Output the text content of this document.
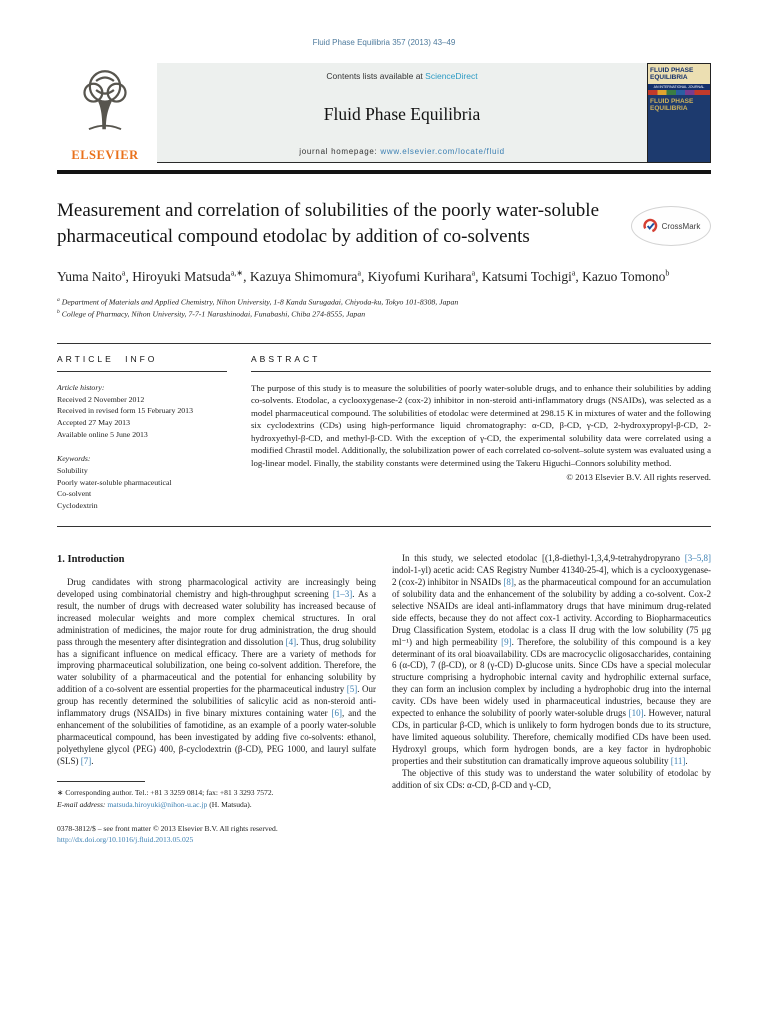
Fluid Phase Equilibria 357 (2013) 43–49
ELSEVIER
Contents lists available at ScienceDirect
Fluid Phase Equilibria
journal homepage: www.elsevier.com/locate/fluid
FLUID PHASE
EQUILIBRIA
AN INTERNATIONAL JOURNAL
FLUID PHASE
EQUILIBRIA
Measurement and correlation of solubilities of the poorly water-soluble pharmaceutical compound etodolac by addition of co-solvents	CrossMark
Yuma Naito$^a$, Hiroyuki Matsuda$^{a,∗}$, Kazuya Shimomura$^a$, Kiyofumi Kurihara$^a$, Katsumi Tochigi$^a$, Kazuo Tomono$^b$
$^a$ Department of Materials and Applied Chemistry, Nihon University, 1-8 Kanda Surugadai, Chiyoda-ku, Tokyo 101-8308, Japan
$^b$ College of Pharmacy, Nihon University, 7-7-1 Narashinodai, Funabashi, Chiba 274-8555, Japan
ARTICLE INFO
Article history:
Received 2 November 2012
Received in revised form 15 February 2013
Accepted 27 May 2013
Available online 5 June 2013
Keywords:
Solubility
Poorly water-soluble pharmaceutical
Co-solvent
Cyclodextrin
ABSTRACT
The purpose of this study is to measure the solubilities of poorly water-soluble drugs, and to enhance their solubilities by adding co-solvents. Etodolac, a cyclooxygenase-2 (cox-2) inhibitor in non-steroid anti-inflammatory drugs (NSAIDs), was selected as a model pharmaceutical compound. The solubilities of etodolac were determined at 298.15 K in mixtures of water and the following six cyclodextrins (CDs) using high-performance liquid chromatography: α-CD, β-CD, γ-CD, 2-hydroxypropyl-β-CD, 2-hydroxyethyl-β-CD, and methyl-β-CD. With the exception of γ-CD, the experimental solubility data were correlated using a modified Chrastil model. Additionally, the solubilization power of each correlated co-solvent–solute system was evaluated using a log-linear model. Finally, the stability constants were determined using the Takeru Higuchi–Connors solubility method.
© 2013 Elsevier B.V. All rights reserved.
1. Introduction

Drug candidates with strong pharmacological activity are increasingly being developed using combinatorial chemistry and high-throughput screening [1–3]. As a result, the number of drugs with decreased water solubility has increased because of increased molecular weights and more complex chemical structures. In oral administration of medicines, the major route for drug administration, the drug should pass through the mesentery after disintegration and dissolution [4]. Thus, drug solubility has a significant influence on medical efficacy. There are a variety of methods for improving pharmaceutical solubilization, one being co-solvent addition. Therefore, the water solubility of a pharmaceutical and the potential for enhancing solubility by addition of a co-solvent are essential properties for the pharmaceutical industry [5]. Our group has recently determined the solubilities of salicylic acid as non-steroid anti-inflammatory drugs (NSAIDs) in five binary mixtures containing water [6], and the enhancement of the solubilities of famotidine, as an example of a poorly water-soluble pharmaceutical compound, has been investigated by adding five co-solvents: ethanol, polyethylene glycol (PEG) 400, β-cyclodextrin (β-CD), PEG 1000, and lauryl sulfate (SLS) [7].

∗ Corresponding author. Tel.: +81 3 3259 0814; fax: +81 3 3293 7572.
E-mail address: matsuda.hiroyuki@nihon-u.ac.jp (H. Matsuda).
0378-3812/$ – see front matter © 2013 Elsevier B.V. All rights reserved.
http://dx.doi.org/10.1016/j.fluid.2013.05.025

In this study, we selected etodolac [(1,8-diethyl-1,3,4,9-tetrahydropyrano [3–5,8] indol-1-yl) acetic acid: CAS Registry Number 41340-25-4], which is a cyclooxygenase-2 (cox-2) inhibitor in NSAIDs [8], as the pharmaceutical compound for an accumulation of solubility data and the enhancement of the solubility by adding a co-solvent. Cox-2 selective NSAIDs are ideal anti-inflammatory drugs that have minimum drug-related side effects, because they do not affect cox-1 activity. According to Biopharmaceutics Drug Classification System, etodolac is a class II drug with the low solubility (75 μg ml⁻¹) and high permeability [9]. Therefore, the solubility of this compound is a key determinant of its oral bioavailability. CDs are macrocyclic oligosaccharides, containing 6 (α-CD), 7 (β-CD), or 8 (γ-CD) D-glucose units. Since CDs have a special molecular structure comprising a hydrophobic internal cavity and hydrophilic external surface, they can form an inclusion complex by including a hydrophobic drug into the internal cavity. CDs have been widely used in pharmaceutical industries, because they are expected to enhance the solubility of poorly water-soluble drugs [10]. However, natural CDs, in particular β-CD, which is unlikely to form hydrogen bonds due to its structure, have limited aqueous solubility. Therefore, chemically modified CDs have been used. Hydroxyl groups, which form hydrogen bonds, are a key factor in hydrophobic properties and their substitution can dramatically improve aqueous solubility [11].

The objective of this study was to understand the water solubility of etodolac by addition of six CDs: α-CD, β-CD and γ-CD,
